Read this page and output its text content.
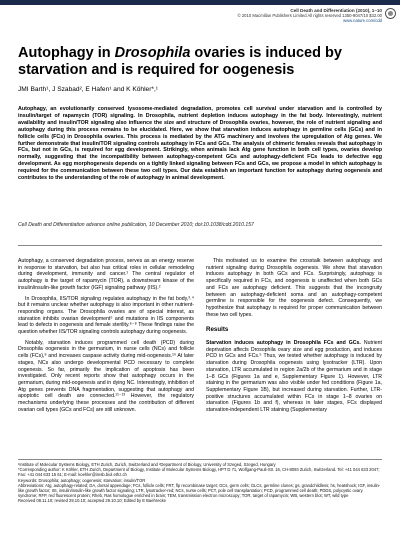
Cell Death and Differentiation (2010), 1–10
© 2010 Macmillan Publishers Limited All rights reserved 1350-9047/10 $32.00
www.nature.com/cdd
Autophagy in Drosophila ovaries is induced by starvation and is required for oogenesis
JMI Barth¹, J Szabad², E Hafen¹ and K Köhler*,¹
Autophagy, an evolutionarily conserved lysosome-mediated degradation, promotes cell survival under starvation and is controlled by insulin/target of rapamycin (TOR) signaling. In Drosophila, nutrient depletion induces autophagy in the fat body. Interestingly, nutrient availability and insulin/TOR signaling also influence the size and structure of Drosophila ovaries, however, the role of nutrient signaling and autophagy during this process remains to be elucidated. Here, we show that starvation induces autophagy in germline cells (GCs) and in follicle cells (FCs) in Drosophila ovaries. This process is mediated by the ATG machinery and involves the upregulation of Atg genes. We further demonstrate that insulin/TOR signaling controls autophagy in FCs and GCs. The analysis of chimeric females reveals that autophagy in FCs, but not in GCs, is required for egg development. Strikingly, when animals lack Atg gene function in both cell types, ovaries develop normally, suggesting that the incompatibility between autophagy-competent GCs and autophagy-deficient FCs leads to defective egg development. As egg morphogenesis depends on a tightly linked signaling between FCs and GCs, we propose a model in which autophagy is required for the communication between these two cell types. Our data establish an important function for autophagy during oogenesis and contributes to the understanding of the role of autophagy in animal development.
Cell Death and Differentiation advance online publication, 10 December 2010; doi:10.1038/cdd.2010.157

Autophagy, a conserved degradation process, serves as an energy reserve in response to starvation, but also has critical roles in cellular remodeling during development, immunity and cancer.¹ The central regulator of autophagy is the target of rapamycin (TOR), a downstream kinase of the insulin/insulin-like growth factor (IGF) signaling pathway (IIS).²

In Drosophila, IIS/TOR signaling regulates autophagy in the fat body,³˒⁴ but it remains unclear whether autophagy is also important in other nutrient-responding organs. The Drosophila ovaries are of special interest, as starvation inhibits ovarian development⁵ and mutations in IIS components lead to defects in oogenesis and female sterility.⁶⁻⁸ These findings raise the question whether IIS/TOR signaling controls autophagy during oogenesis.

Notably, starvation induces programmed cell death (PCD) during Drosophila oogenesis in the germarium, in nurse cells (NCs) and follicle cells (FCs),⁹ and increases caspase activity during mid-oogenesis.¹⁰ At later stages, NCs also undergo developmental PCD necessary to complete oogenesis. So far, primarily the implication of apoptosis has been investigated. Only recent reports show that autophagy occurs in the germarium, during mid-oogenesis and in dying NC. Interestingly, inhibition of Atg genes prevents DNA fragmentation, suggesting that autophagy and apoptotic cell death are connected.¹¹⁻¹³ However, the regulatory mechanisms underlying these processes and the contribution of different ovarian cell types (GCs and FCs) are still unknown.

This motivated us to examine the crosstalk between autophagy and nutrient signaling during Drosophila oogenesis. We show that starvation induces autophagy in both GCs and FCs. Surprisingly, autophagy is specifically required in FCs, and oogenesis is unaffected when both GCs and FCs are autophagy deficient. This suggests that the incongruity between an autophagy-deficient soma and an autophagy-competent germline is responsible for the oogenesis defect. Consequently, we hypothesize that autophagy is required for proper communication between these two cell types.

Results

Starvation induces autophagy in Drosophila FCs and GCs. Nutrient deprivation affects Drosophila ovary size and egg production, and induces PCD in GCs and FCs.⁵ Thus, we tested whether autophagy is induced by starvation during Drosophila oogenesis using lysotracker (LTR). Upon starvation, LTR accumulated in region 2a/2b of the germarium and in stage 1–8 GCs (Figures 1a and e, Supplementary Figure 1). However, LTR staining in the germarium was also visible under fed conditions (Figure 1a, Supplementary Figure 1B), but increased during starvation. Further, LTR-positive structures accumulated within FCs in stage 1–8 ovaries on starvation (Figures 1b and f), whereas in later stages, FCs displayed starvation-independent LTR staining (Supplementary

¹Institute of Molecular Systems Biology, ETH Zurich, Zurich, Switzerland and ²Department of Biology, University of Szeged, Szeged, Hungary
*Corresponding author: K Köhler, ETH Zurich, Department of Biology, Institute of Molecular Systems Biology, HPT D 71, Wolfgang-Pauli-Str. 16, CH-8093 Zurich, Switzerland. Tel: +41 044 633 2047; Fax: +41 044 633 15 61; E-mail: koehler@imsb.biol.ethz.ch
Keywords: Drosophila; autophagy; oogenesis; starvation; insulin/TOR
Abbreviations: Atg, autophagy-related; DA, dorsal appendage; FCs, follicle cells; FRT, flp recombinase target; GCs, germ cells; GLCs, germline clones; gs, grandchildless; hs, heatshock; IGF, insulin-like growth factor; IIS, insulin/insulin-like growth factor signaling; LTR, lysotracker-red; NCs, nurse cells; PCT, pole cell transplantation; PCD, programmed cell death; PDDS, polycystic ovary syndrome; RFP, red fluorescent protein; Rheb, Ras homologue enriched in brain; TEM, transmission electron microscopy; TOR, target of rapamycin; WB, western blot; WT, wild type
Received 08.11.10; revised 29.10.10; accepted 29.10.10; Edited by E Baehrecke
